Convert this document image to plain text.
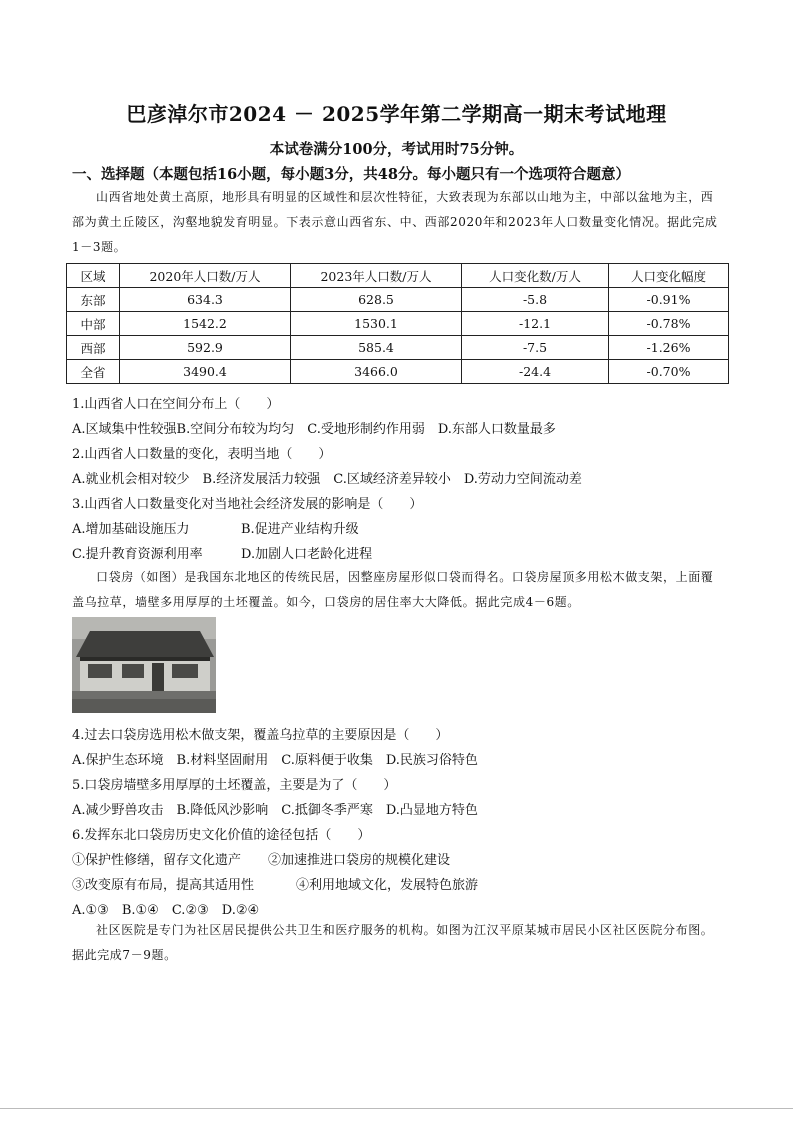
巴彦淖尔市2024 － 2025学年第二学期高一期末考试地理
本试卷满分100分，考试用时75分钟。
一、选择题（本题包括16小题，每小题3分，共48分。每小题只有一个选项符合题意）
山西省地处黄土高原，地形具有明显的区域性和层次性特征，大致表现为东部以山地为主，中部以盆地为主，西部为黄土丘陵区，沟壑地貌发育明显。下表示意山西省东、中、西部2020年和2023年人口数量变化情况。据此完成1－3题。
区域	2020年人口数/万人	2023年人口数/万人	人口变化数/万人	人口变化幅度
东部	634.3	628.5	-5.8	-0.91%
中部	1542.2	1530.1	-12.1	-0.78%
西部	592.9	585.4	-7.5	-1.26%
全省	3490.4	3466.0	-24.4	-0.70%
1.山西省人口在空间分布上（　　）
A.区域集中性较强B.空间分布较为均匀　C.受地形制约作用弱　D.东部人口数量最多
2.山西省人口数量的变化，表明当地（　　）
A.就业机会相对较少　B.经济发展活力较强　C.区域经济差异较小　D.劳动力空间流动差
3.山西省人口数量变化对当地社会经济发展的影响是（　　）
A.增加基础设施压力	B.促进产业结构升级
C.提升教育资源利用率	D.加剧人口老龄化进程
口袋房（如图）是我国东北地区的传统民居，因整座房屋形似口袋而得名。口袋房屋顶多用松木做支架，上面覆盖乌拉草，墙壁多用厚厚的土坯覆盖。如今，口袋房的居住率大大降低。据此完成4－6题。
4.过去口袋房选用松木做支架，覆盖乌拉草的主要原因是（　　）
A.保护生态环境　B.材料坚固耐用　C.原料便于收集　D.民族习俗特色
5.口袋房墙壁多用厚厚的土坯覆盖，主要是为了（　　）
A.减少野兽攻击　B.降低风沙影响　C.抵御冬季严寒　D.凸显地方特色
6.发挥东北口袋房历史文化价值的途径包括（　　）
①保护性修缮，留存文化遗产 ②加速推进口袋房的规模化建设
③改变原有布局，提高其适用性	④利用地域文化，发展特色旅游
A.①③　B.①④　C.②③　D.②④
社区医院是专门为社区居民提供公共卫生和医疗服务的机构。如图为江汉平原某城市居民小区社区医院分布图。据此完成7－9题。
